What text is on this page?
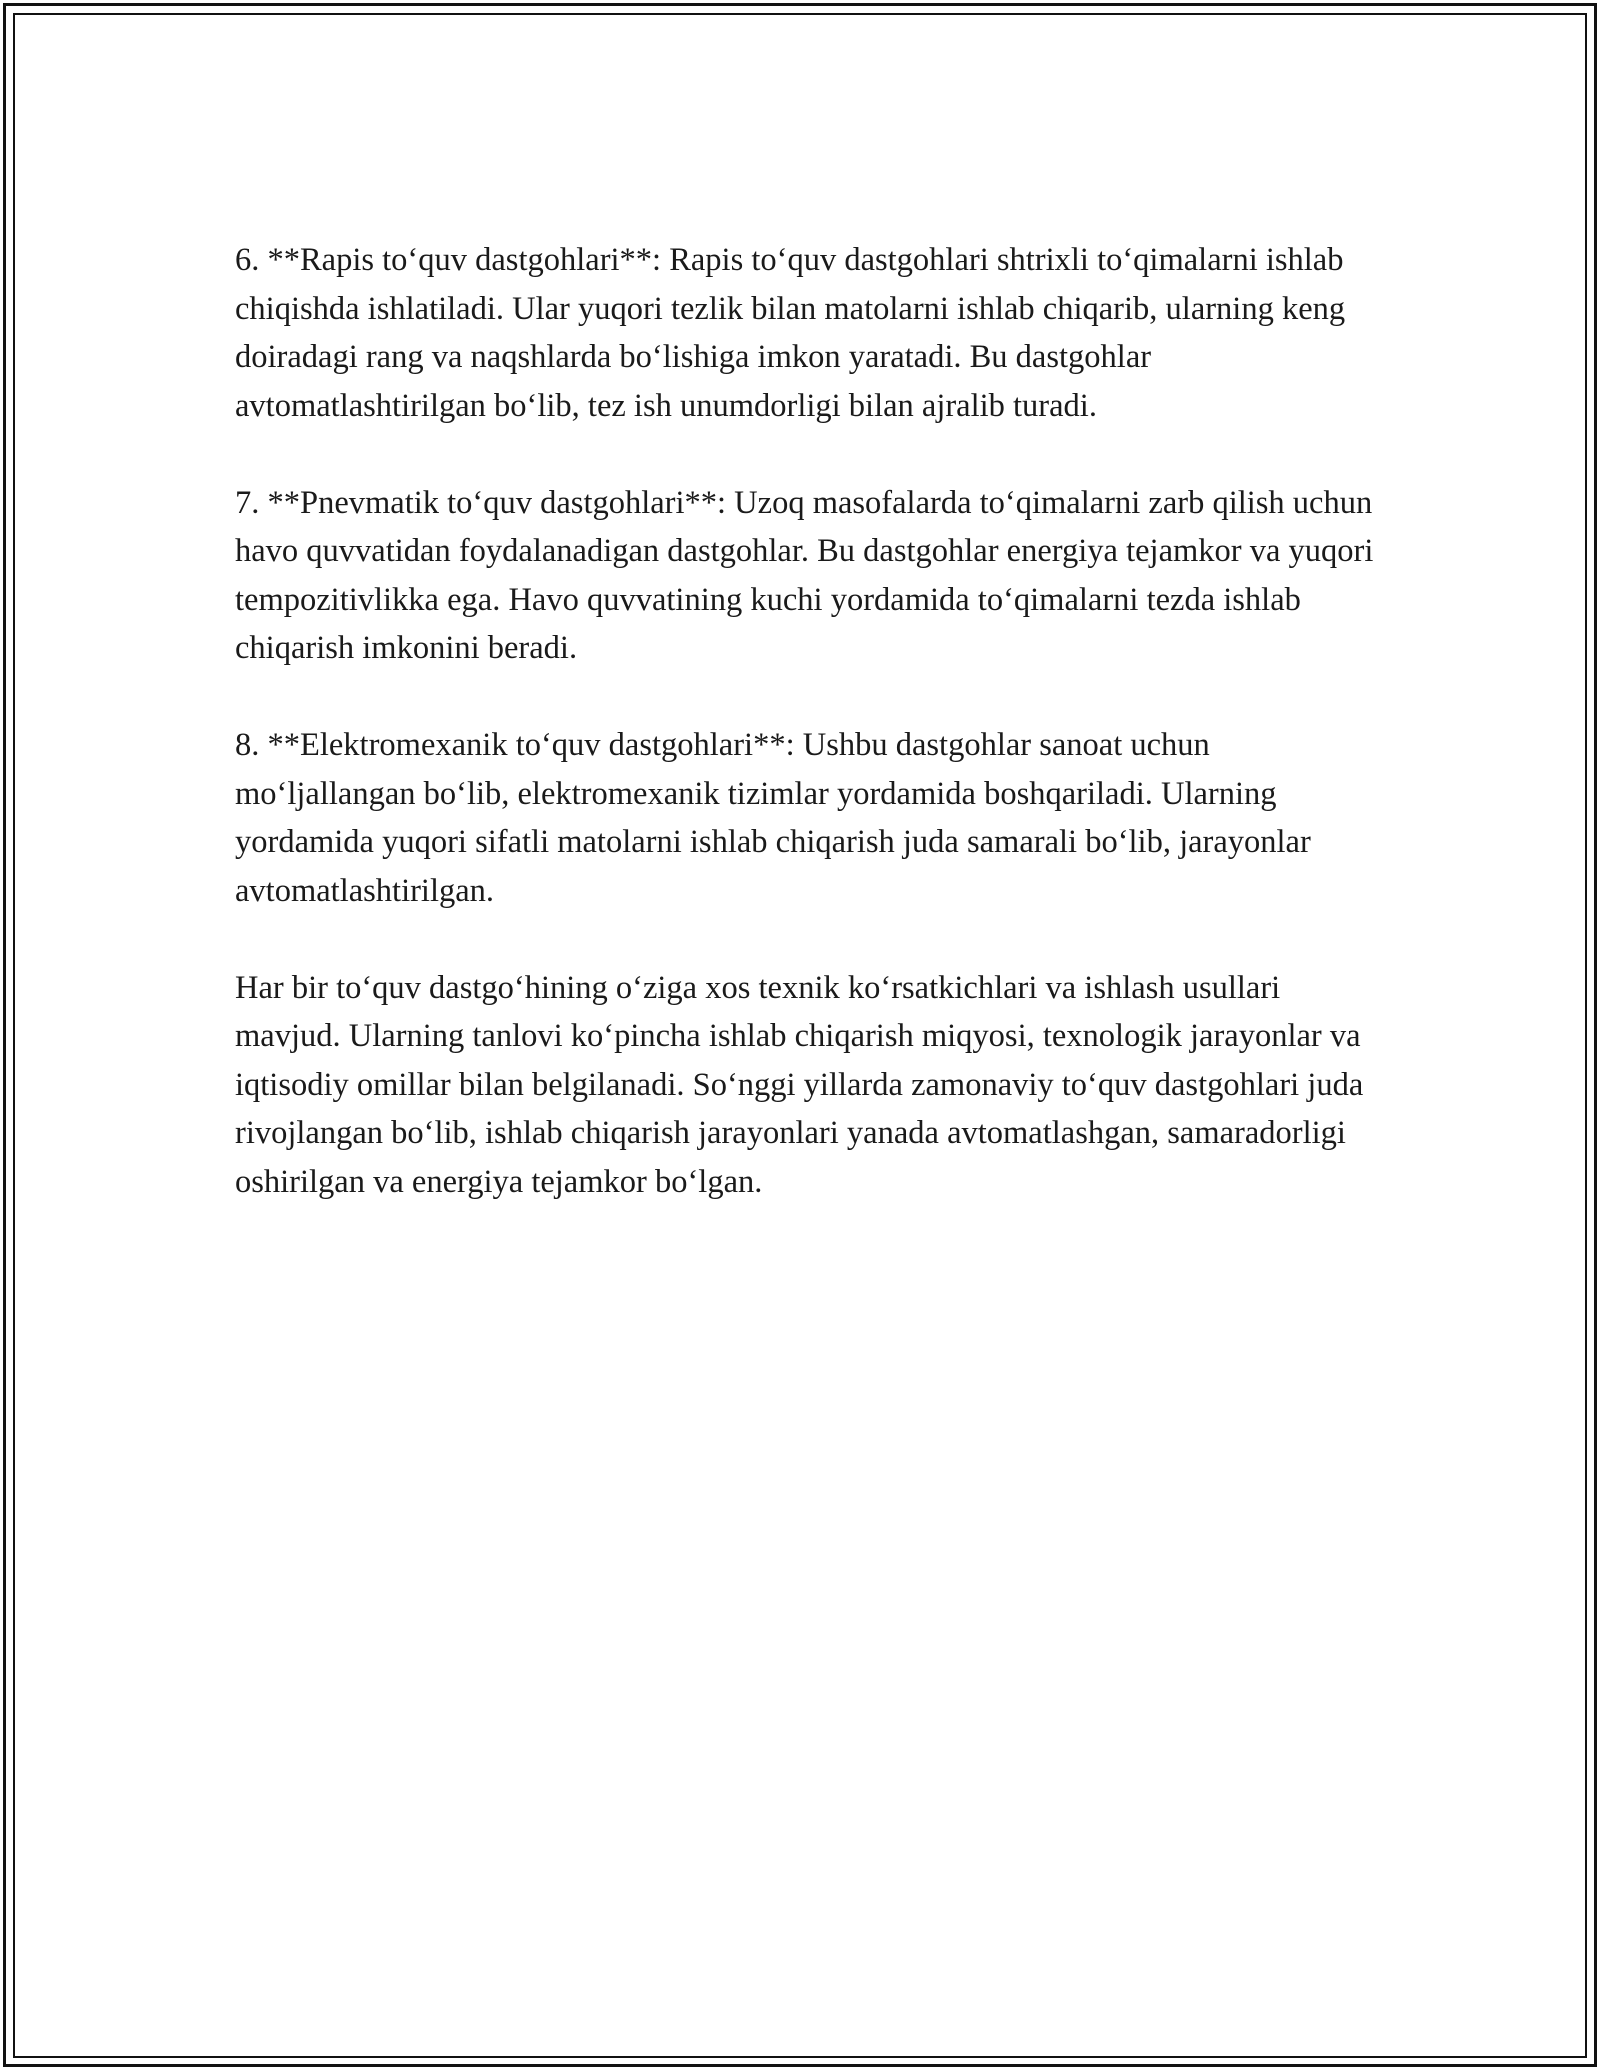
6. **Rapis to‘quv dastgohlari**: Rapis to‘quv dastgohlari shtrixli to‘qimalarni ishlab chiqishda ishlatiladi. Ular yuqori tezlik bilan matolarni ishlab chiqarib, ularning keng doiradagi rang va naqshlarda bo‘lishiga imkon yaratadi. Bu dastgohlar avtomatlashtirilgan bo‘lib, tez ish unumdorligi bilan ajralib turadi.

7. **Pnevmatik to‘quv dastgohlari**: Uzoq masofalarda to‘qimalarni zarb qilish uchun havo quvvatidan foydalanadigan dastgohlar. Bu dastgohlar energiya tejamkor va yuqori tempozitivlikka ega. Havo quvvatining kuchi yordamida to‘qimalarni tezda ishlab chiqarish imkonini beradi.

8. **Elektromexanik to‘quv dastgohlari**: Ushbu dastgohlar sanoat uchun mo‘ljallangan bo‘lib, elektromexanik tizimlar yordamida boshqariladi. Ularning yordamida yuqori sifatli matolarni ishlab chiqarish juda samarali bo‘lib, jarayonlar avtomatlashtirilgan.

Har bir to‘quv dastgo‘hining o‘ziga xos texnik ko‘rsatkichlari va ishlash usullari mavjud. Ularning tanlovi ko‘pincha ishlab chiqarish miqyosi, texnologik jarayonlar va iqtisodiy omillar bilan belgilanadi. So‘nggi yillarda zamonaviy to‘quv dastgohlari juda rivojlangan bo‘lib, ishlab chiqarish jarayonlari yanada avtomatlashgan, samaradorligi oshirilgan va energiya tejamkor bo‘lgan.
